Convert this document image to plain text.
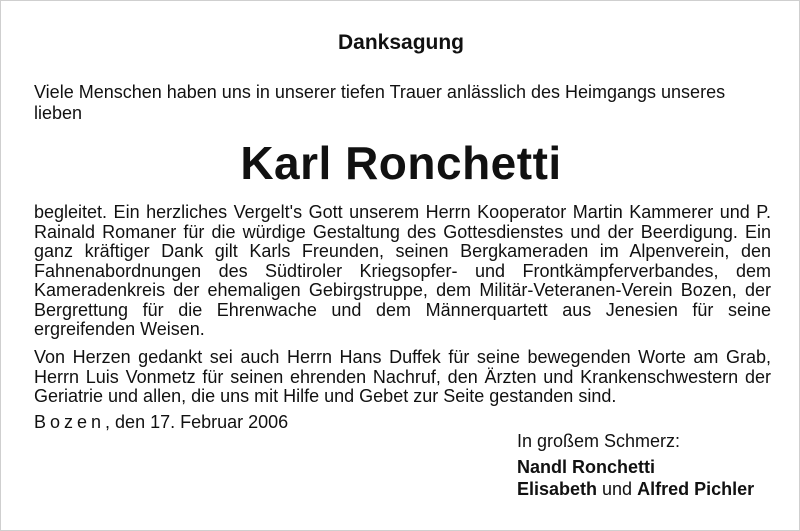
Danksagung
Viele Menschen haben uns in unserer tiefen Trauer anlässlich des Heimgangs unseres lieben
Karl Ronchetti
begleitet. Ein herzliches Vergelt's Gott unserem Herrn Kooperator Martin Kammerer und P. Rainald Romaner für die würdige Gestaltung des Gottesdienstes und der Beerdigung. Ein ganz kräftiger Dank gilt Karls Freunden, seinen Bergkameraden im Alpenverein, den Fahnenabordnungen des Südtiroler Kriegsopfer- und Frontkämpferverbandes, dem Kameradenkreis der ehemaligen Gebirgstruppe, dem Militär-Veteranen-Verein Bozen, der Bergrettung für die Ehrenwache und dem Männerquartett aus Jenesien für seine ergreifenden Weisen.
Von Herzen gedankt sei auch Herrn Hans Duffek für seine bewegenden Worte am Grab, Herrn Luis Vonmetz für seinen ehrenden Nachruf, den Ärzten und Krankenschwestern der Geriatrie und allen, die uns mit Hilfe und Gebet zur Seite gestanden sind.
Bozen, den 17. Februar 2006
In großem Schmerz:
Nandl Ronchetti
Elisabeth und Alfred Pichler
